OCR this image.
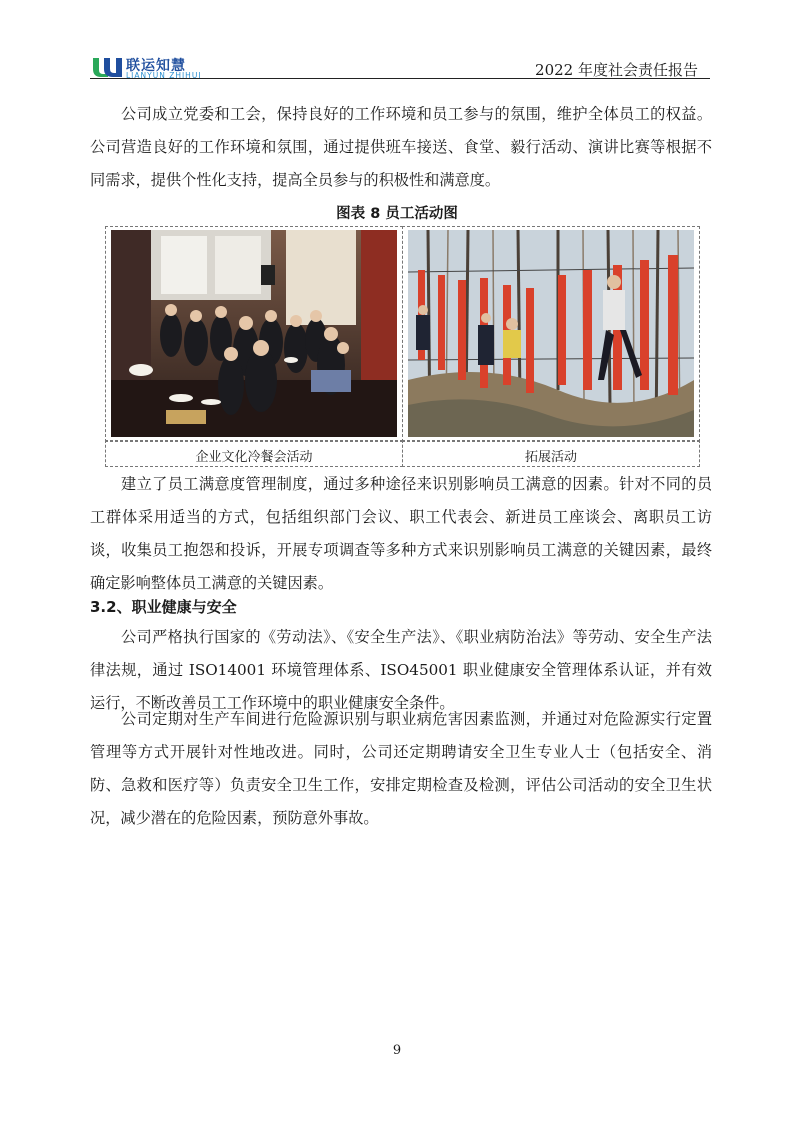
联运知慧
LIANYUN ZHIHUI	2022 年度社会责任报告

公司成立党委和工会，保持良好的工作环境和员工参与的氛围，维护全体员工的权益。公司营造良好的工作环境和氛围，通过提供班车接送、食堂、毅行活动、演讲比赛等根据不同需求，提供个性化支持，提高全员参与的积极性和满意度。

图表 8 员工活动图
企业文化冷餐会活动	拓展活动

建立了员工满意度管理制度，通过多种途径来识别影响员工满意的因素。针对不同的员工群体采用适当的方式，包括组织部门会议、职工代表会、新进员工座谈会、离职员工访谈，收集员工抱怨和投诉，开展专项调查等多种方式来识别影响员工满意的关键因素，最终确定影响整体员工满意的关键因素。

3.2、职业健康与安全

公司严格执行国家的《劳动法》、《安全生产法》、《职业病防治法》等劳动、安全生产法律法规，通过 ISO14001 环境管理体系、ISO45001 职业健康安全管理体系认证，并有效运行，不断改善员工工作环境中的职业健康安全条件。

公司定期对生产车间进行危险源识别与职业病危害因素监测，并通过对危险源实行定置管理等方式开展针对性地改进。同时，公司还定期聘请安全卫生专业人士（包括安全、消防、急救和医疗等）负责安全卫生工作，安排定期检查及检测，评估公司活动的安全卫生状况，减少潜在的危险因素，预防意外事故。

9
